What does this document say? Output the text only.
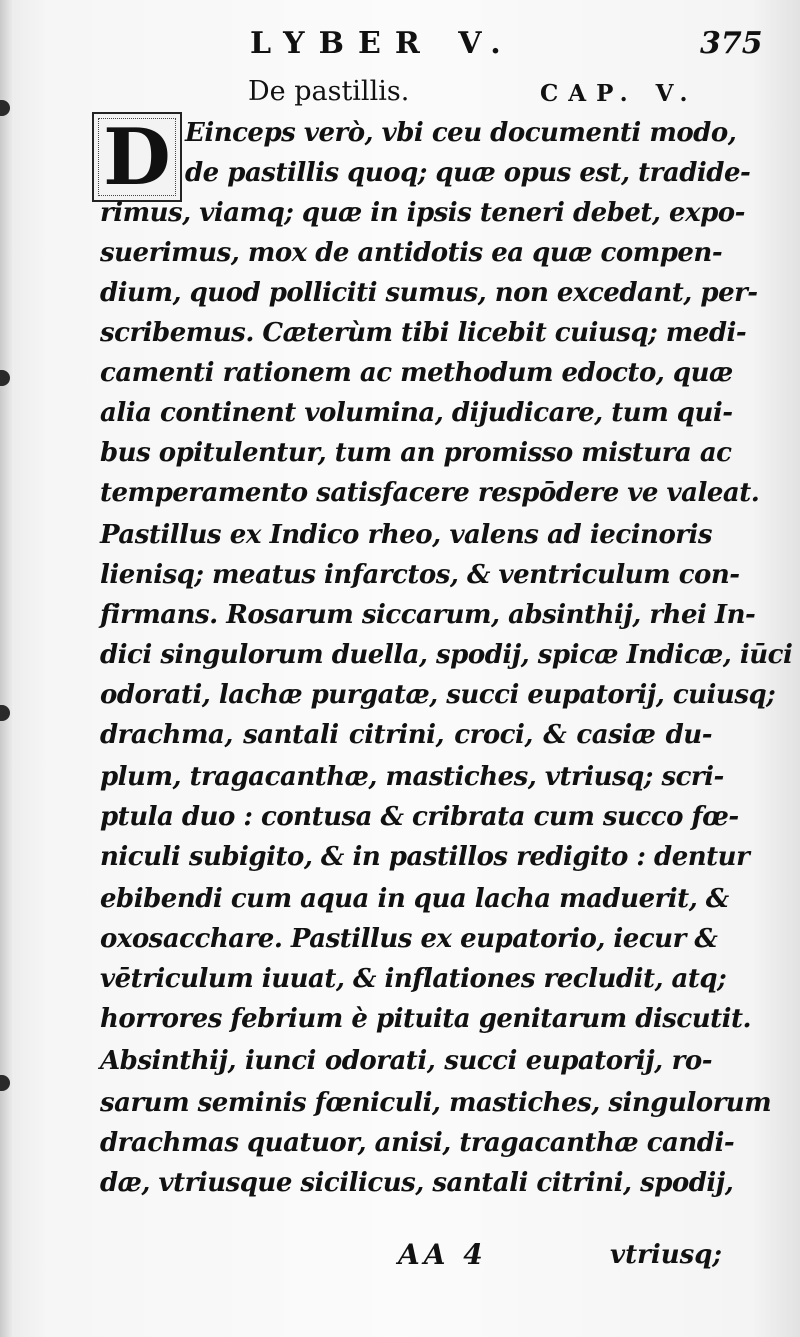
LYBER V.	375
De pastillis.	CAP. V.
D Einceps verò, vbi ceu documenti modo,
de pastillis quoq; quæ opus est, tradide-
rimus, viamq; quæ in ipsis teneri debet, expo-
suerimus, mox de antidotis ea quæ compen-
dium, quod polliciti sumus, non excedant, per-
scribemus. Cæterùm tibi licebit cuiusq; medi-
camenti rationem ac methodum edocto, quæ
alia continent volumina, dijudicare, tum qui-
bus opitulentur, tum an promisso mistura ac
temperamento satisfacere respōdere ve valeat.
Pastillus ex Indico rheo, valens ad iecinoris
lienisq; meatus infarctos, & ventriculum con-
firmans. Rosarum siccarum, absinthij, rhei In-
dici singulorum duella, spodij, spicæ Indicæ, iūci
odorati, lachæ purgatæ, succi eupatorij, cuiusq;
drachma, santali citrini, croci, & casiæ du-
plum, tragacanthæ, mastiches, vtriusq; scri-
ptula duo : contusa & cribrata cum succo fœ-
niculi subigito, & in pastillos redigito : dentur
ebibendi cum aqua in qua lacha maduerit, &
oxosacchare. Pastillus ex eupatorio, iecur &
vētriculum iuuat, & inflationes recludit, atq;
horrores febrium è pituita genitarum discutit.
Absinthij, iunci odorati, succi eupatorij, ro-
sarum seminis fœniculi, mastiches, singulorum
drachmas quatuor, anisi, tragacanthæ candi-
dæ, vtriusque sicilicus, santali citrini, spodij,
AA 4	vtriusq;
